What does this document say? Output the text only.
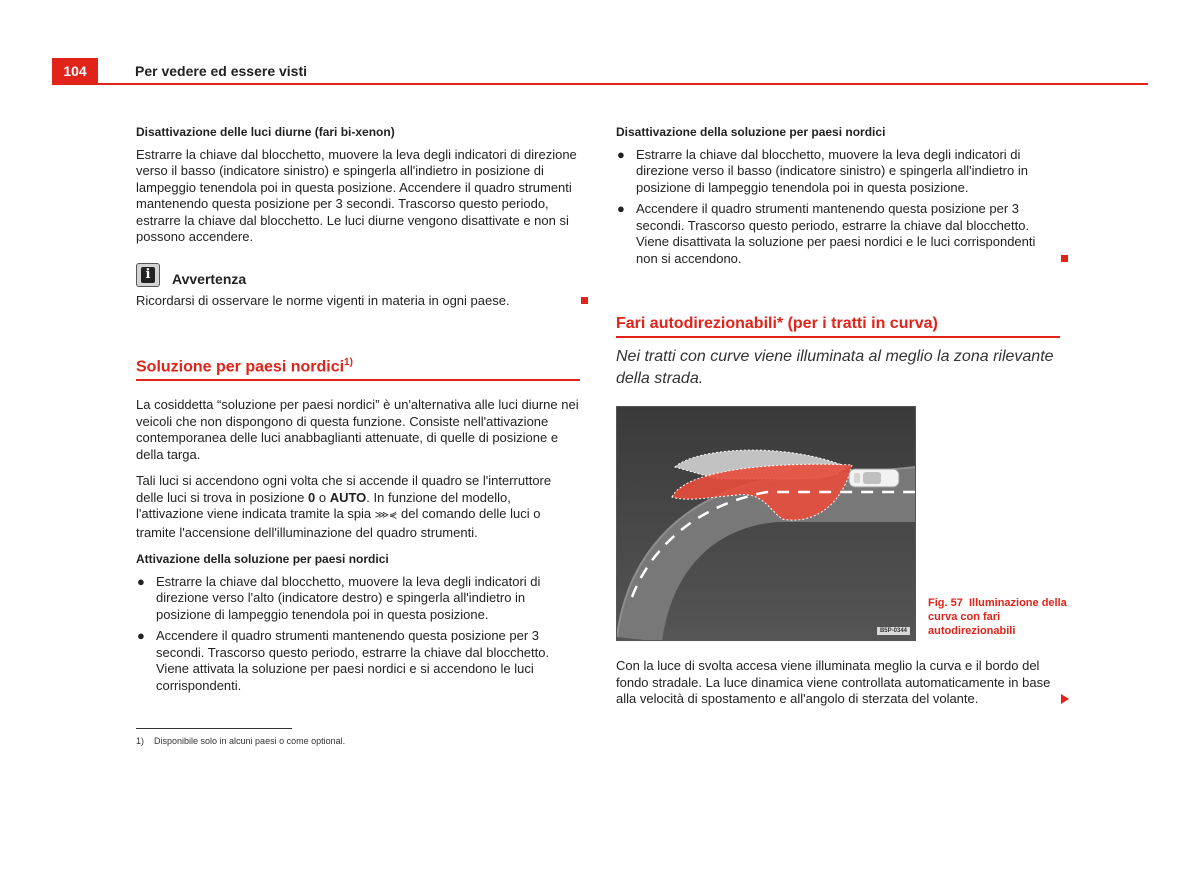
104	Per vedere ed essere visti
Disattivazione delle luci diurne (fari bi-xenon)

Estrarre la chiave dal blocchetto, muovere la leva degli indicatori di direzione verso il basso (indicatore sinistro) e spingerla all'indietro in posizione di lampeggio tenendola poi in questa posizione. Accendere il quadro strumenti mantenendo questa posizione per 3 secondi. Trascorso questo periodo, estrarre la chiave dal blocchetto. Le luci diurne vengono disattivate e non si possono accendere.

i	Avvertenza
Ricordarsi di osservare le norme vigenti in materia in ogni paese.
Soluzione per paesi nordici$^{1)}$

La cosiddetta “soluzione per paesi nordici” è un'alternativa alle luci diurne nei veicoli che non dispongono di questa funzione. Consiste nell'attivazione contemporanea delle luci anabbaglianti attenuate, di quelle di posizione e della targa.

Tali luci si accendono ogni volta che si accende il quadro se l'interruttore delle luci si trova in posizione 0 o AUTO. In funzione del modello, l'attivazione viene indicata tramite la spia ⋙⋞ del comando delle luci o tramite l'accensione dell'illuminazione del quadro strumenti.

Attivazione della soluzione per paesi nordici
● Estrarre la chiave dal blocchetto, muovere la leva degli indicatori di direzione verso l'alto (indicatore destro) e spingerla all'indietro in posizione di lampeggio tenendola poi in questa posizione.
● Accendere il quadro strumenti mantenendo questa posizione per 3 secondi. Trascorso questo periodo, estrarre la chiave dal blocchetto. Viene attivata la soluzione per paesi nordici e si accendono le luci corrispondenti.
Disattivazione della soluzione per paesi nordici
● Estrarre la chiave dal blocchetto, muovere la leva degli indicatori di direzione verso il basso (indicatore sinistro) e spingerla all'indietro in posizione di lampeggio tenendola poi in questa posizione.
● Accendere il quadro strumenti mantenendo questa posizione per 3 secondi. Trascorso questo periodo, estrarre la chiave dal blocchetto. Viene disattivata la soluzione per paesi nordici e le luci corrispondenti non si accendono.
Fari autodirezionabili* (per i tratti in curva)
Nei tratti con curve viene illuminata al meglio la zona rilevante della strada.
B5P-0344
Fig. 57 Illuminazione della curva con fari autodirezionabili
Con la luce di svolta accesa viene illuminata meglio la curva e il bordo del fondo stradale. La luce dinamica viene controllata automaticamente in base alla velocità di spostamento e all'angolo di sterzata del volante.
1) Disponibile solo in alcuni paesi o come optional.
